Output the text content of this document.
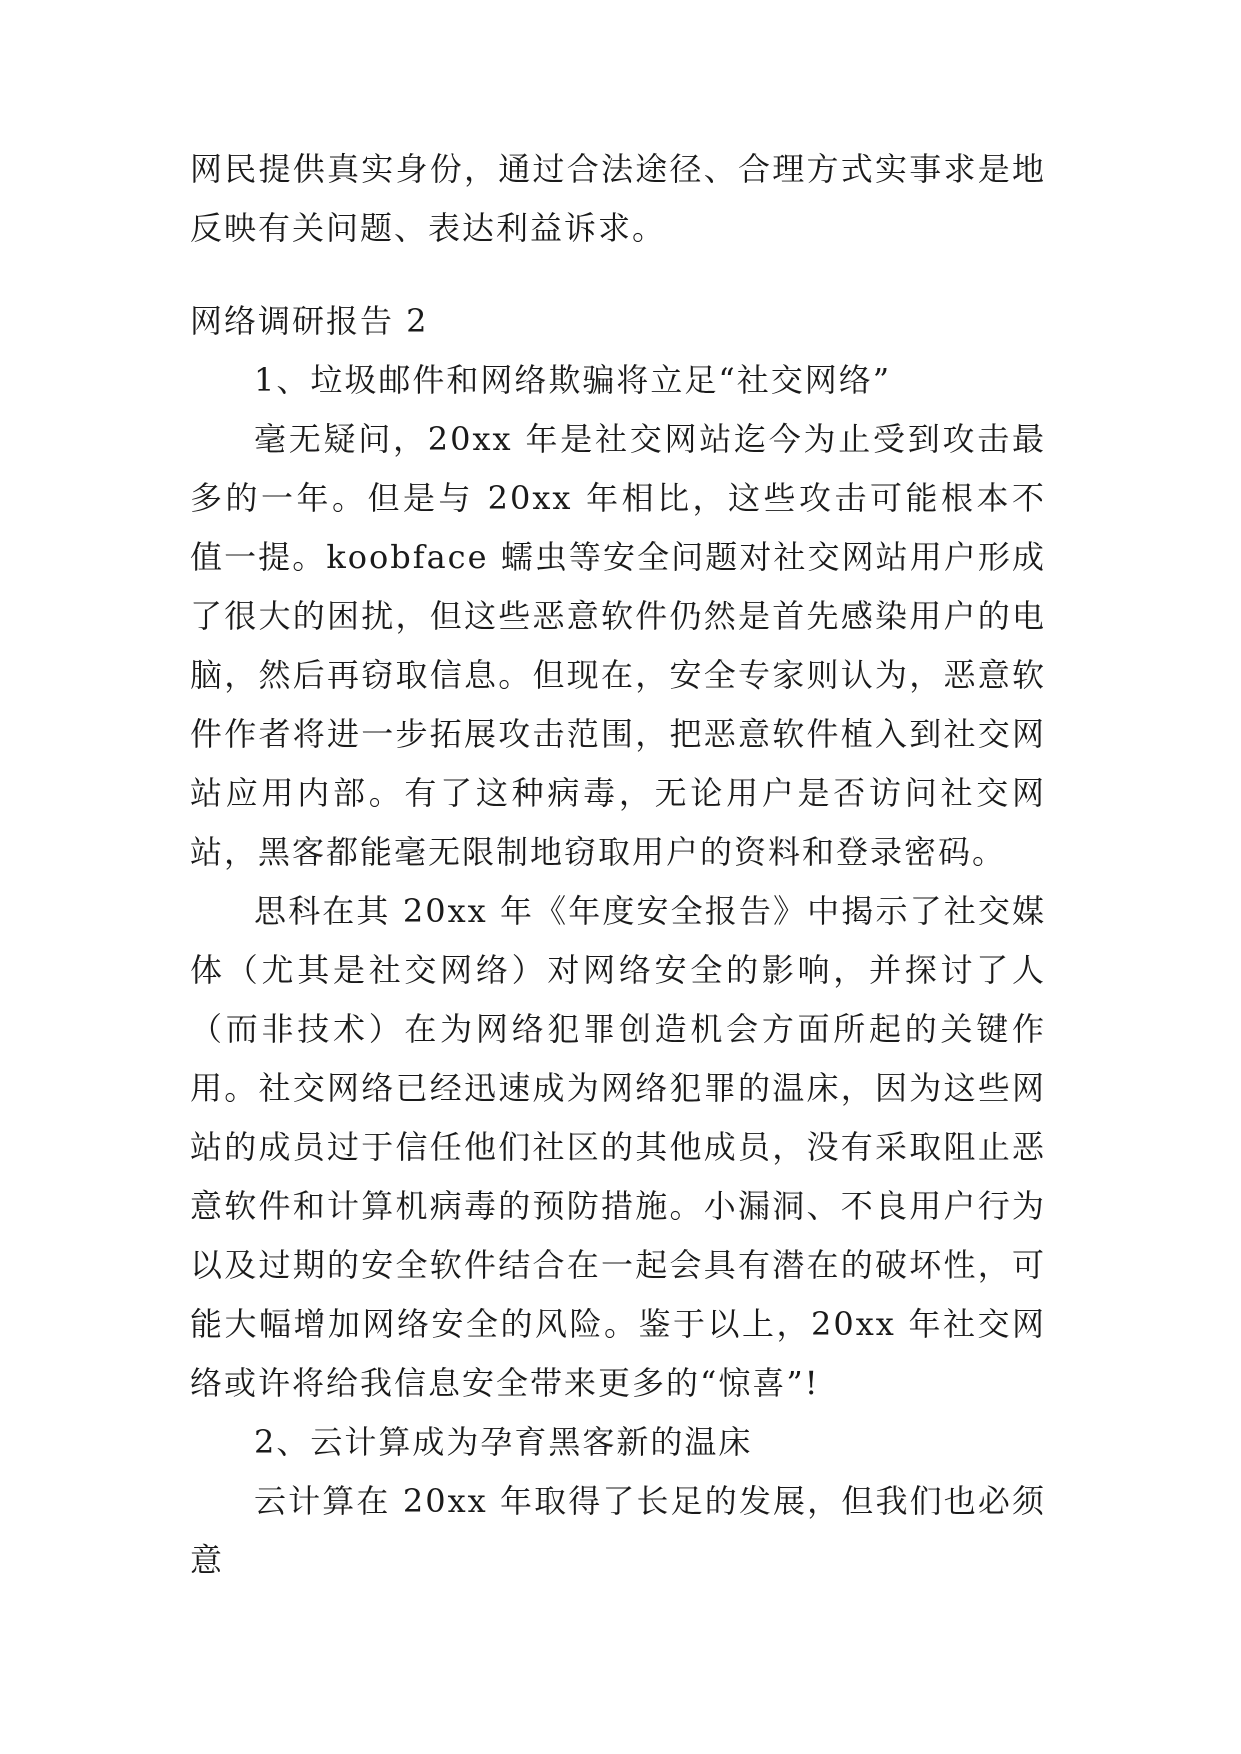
网民提供真实身份，通过合法途径、合理方式实事求是地反映有关问题、表达利益诉求。

网络调研报告 2

1、垃圾邮件和网络欺骗将立足“社交网络”

毫无疑问，20xx 年是社交网站迄今为止受到攻击最多的一年。但是与 20xx 年相比，这些攻击可能根本不值一提。koobface 蠕虫等安全问题对社交网站用户形成了很大的困扰，但这些恶意软件仍然是首先感染用户的电脑，然后再窃取信息。但现在，安全专家则认为，恶意软件作者将进一步拓展攻击范围，把恶意软件植入到社交网站应用内部。有了这种病毒，无论用户是否访问社交网站，黑客都能毫无限制地窃取用户的资料和登录密码。

思科在其 20xx 年《年度安全报告》中揭示了社交媒体（尤其是社交网络）对网络安全的影响，并探讨了人（而非技术）在为网络犯罪创造机会方面所起的关键作用。社交网络已经迅速成为网络犯罪的温床，因为这些网站的成员过于信任他们社区的其他成员，没有采取阻止恶意软件和计算机病毒的预防措施。小漏洞、不良用户行为以及过期的安全软件结合在一起会具有潜在的破坏性，可能大幅增加网络安全的风险。鉴于以上，20xx 年社交网络或许将给我信息安全带来更多的“惊喜”!

2、云计算成为孕育黑客新的温床

云计算在 20xx 年取得了长足的发展，但我们也必须意
